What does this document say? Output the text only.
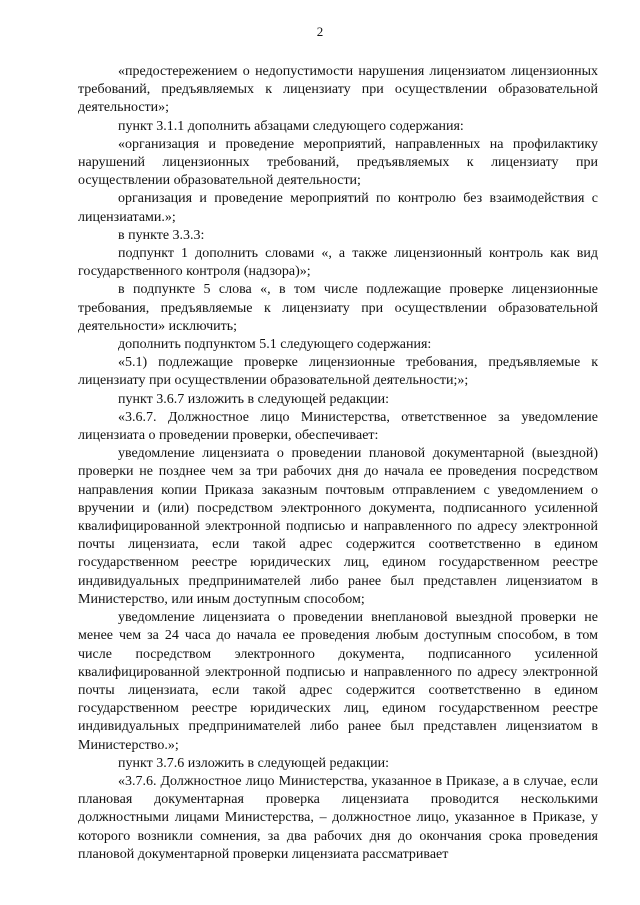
2

«предостережением о недопустимости нарушения лицензиатом лицензионных требований, предъявляемых к лицензиату при осуществлении образовательной деятельности»;

пункт 3.1.1 дополнить абзацами следующего содержания:

«организация и проведение мероприятий, направленных на профилактику нарушений лицензионных требований, предъявляемых к лицензиату при осуществлении образовательной деятельности;

организация и проведение мероприятий по контролю без взаимодействия с лицензиатами.»;

в пункте 3.3.3:

подпункт 1 дополнить словами «, а также лицензионный контроль как вид государственного контроля (надзора)»;

в подпункте 5 слова «, в том числе подлежащие проверке лицензионные требования, предъявляемые к лицензиату при осуществлении образовательной деятельности» исключить;

дополнить подпунктом 5.1 следующего содержания:

«5.1) подлежащие проверке лицензионные требования, предъявляемые к лицензиату при осуществлении образовательной деятельности;»;

пункт 3.6.7 изложить в следующей редакции:

«3.6.7. Должностное лицо Министерства, ответственное за уведомление лицензиата о проведении проверки, обеспечивает:

уведомление лицензиата о проведении плановой документарной (выездной) проверки не позднее чем за три рабочих дня до начала ее проведения посредством направления копии Приказа заказным почтовым отправлением с уведомлением о вручении и (или) посредством электронного документа, подписанного усиленной квалифицированной электронной подписью и направленного по адресу электронной почты лицензиата, если такой адрес содержится соответственно в едином государственном реестре юридических лиц, едином государственном реестре индивидуальных предпринимателей либо ранее был представлен лицензиатом в Министерство, или иным доступным способом;

уведомление лицензиата о проведении внеплановой выездной проверки не менее чем за 24 часа до начала ее проведения любым доступным способом, в том числе посредством электронного документа, подписанного усиленной квалифицированной электронной подписью и направленного по адресу электронной почты лицензиата, если такой адрес содержится соответственно в едином государственном реестре юридических лиц, едином государственном реестре индивидуальных предпринимателей либо ранее был представлен лицензиатом в Министерство.»;

пункт 3.7.6 изложить в следующей редакции:

«3.7.6. Должностное лицо Министерства, указанное в Приказе, а в случае, если плановая документарная проверка лицензиата проводится несколькими должностными лицами Министерства, – должностное лицо, указанное в Приказе, у которого возникли сомнения, за два рабочих дня до окончания срока проведения плановой документарной проверки лицензиата рассматривает
